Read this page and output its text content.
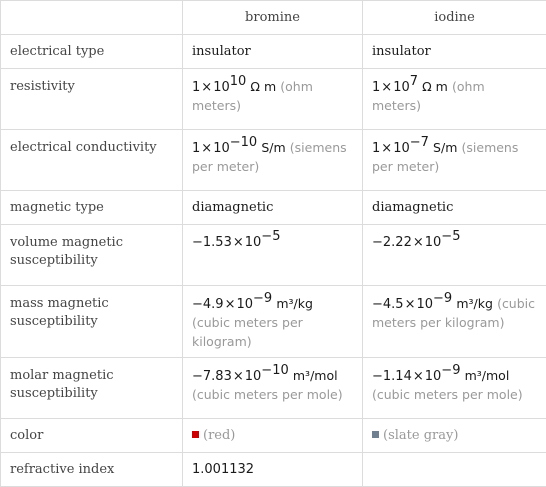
	bromine	iodine
electrical type	insulator	insulator
resistivity	$1\times 10^{10}$ Ω m (ohm meters)	$1\times 10^7$ Ω m (ohm meters)
electrical conductivity	$1\times 10^{-10}$ S/m (siemens per meter)	$1\times 10^{-7}$ S/m (siemens per meter)
magnetic type	diamagnetic	diamagnetic
volume magnetic susceptibility	$-1.53\times 10^{-5}$	$-2.22\times 10^{-5}$
mass magnetic susceptibility	$-4.9\times 10^{-9}$ m³/kg (cubic meters per kilogram)	$-4.5\times 10^{-9}$ m³/kg (cubic meters per kilogram)
molar magnetic susceptibility	$-7.83\times 10^{-10}$ m³/mol (cubic meters per mole)	$-1.14\times 10^{-9}$ m³/mol (cubic meters per mole)
color	(red)	(slate gray)
refractive index	1.001132	
